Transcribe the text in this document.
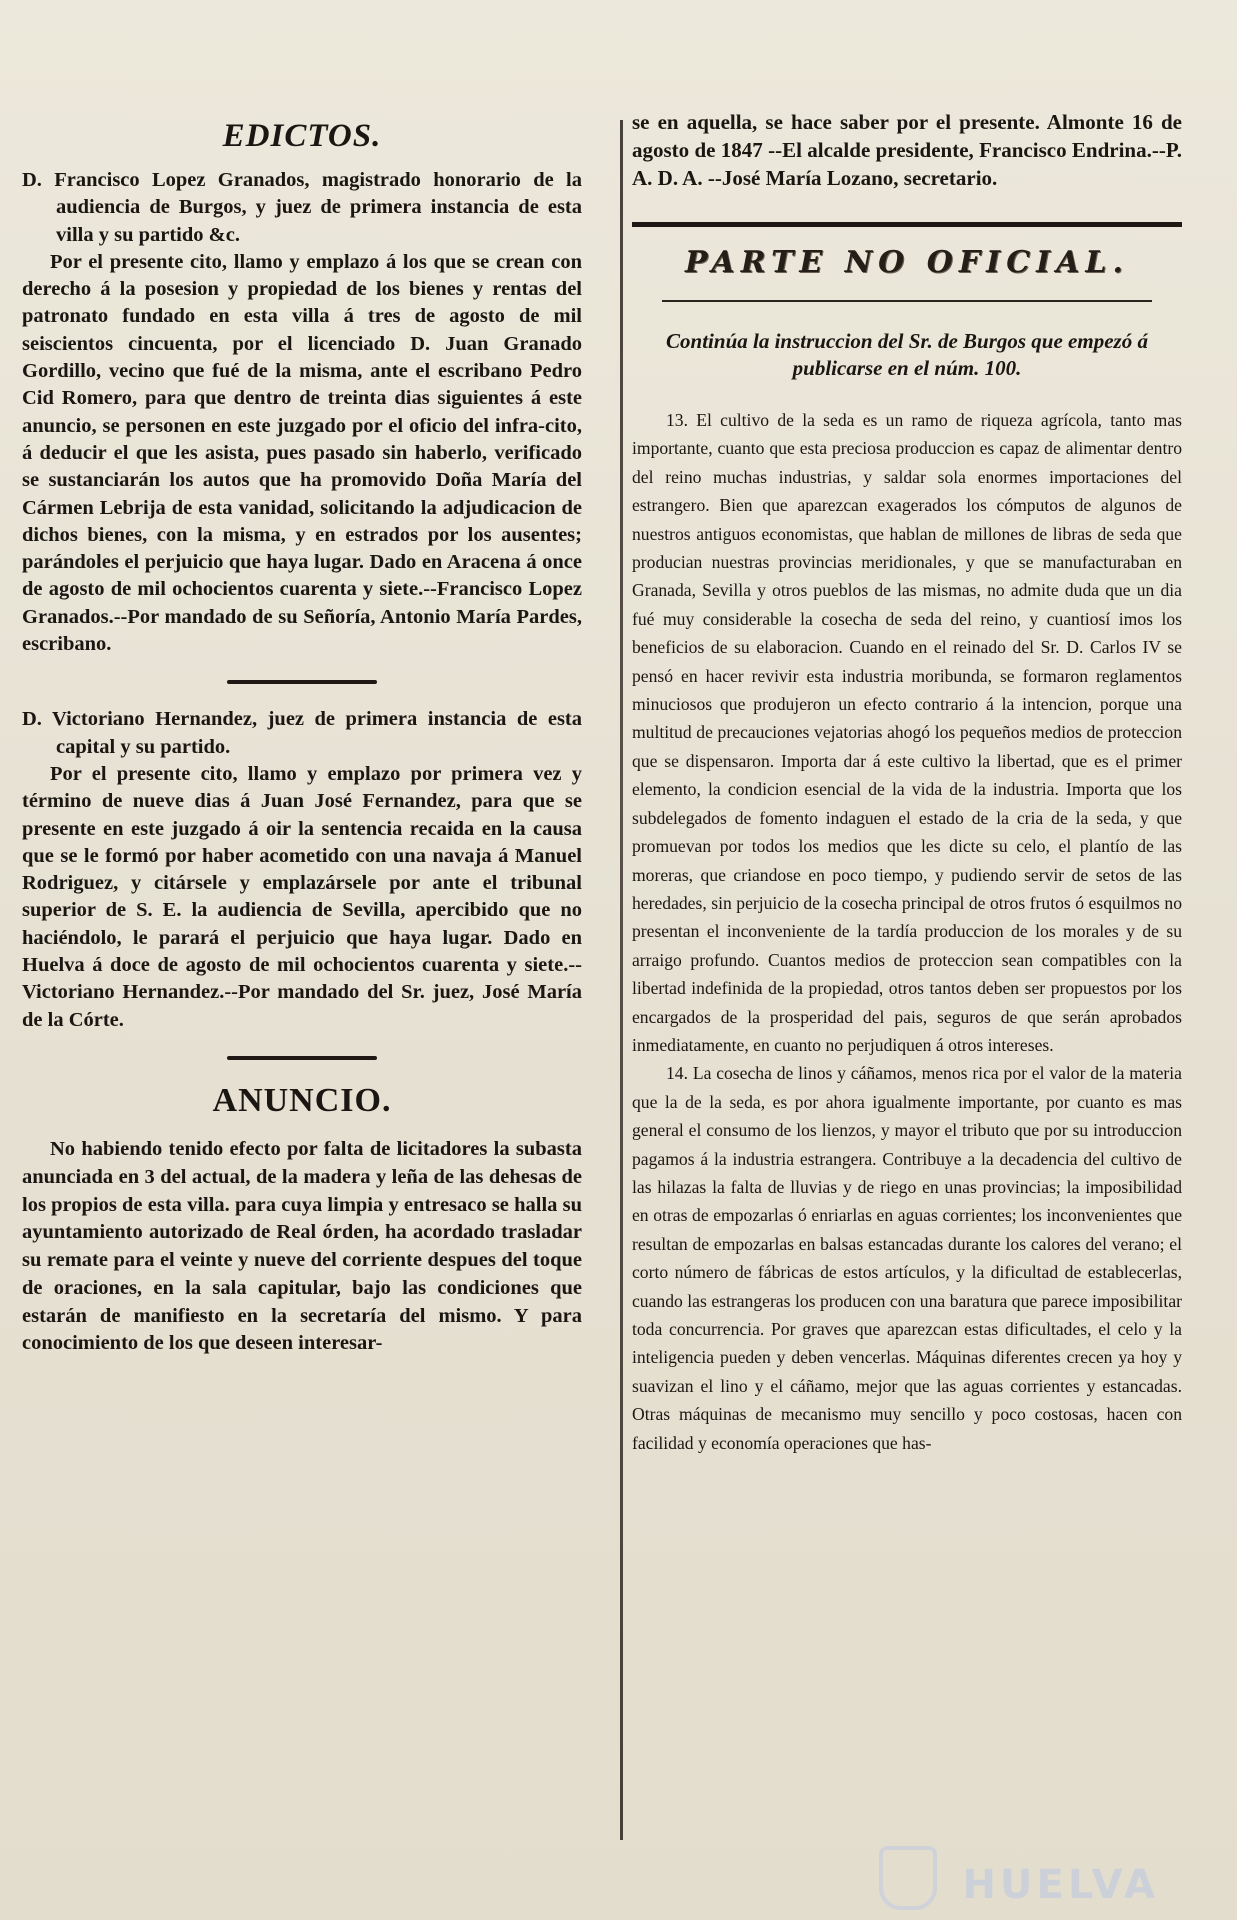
EDICTOS.

D. Francisco Lopez Granados, magistrado honorario de la audiencia de Burgos, y juez de primera instancia de esta villa y su partido &c.

Por el presente cito, llamo y emplazo á los que se crean con derecho á la posesion y propiedad de los bienes y rentas del patronato fundado en esta villa á tres de agosto de mil seiscientos cincuenta, por el licenciado D. Juan Granado Gordillo, vecino que fué de la misma, ante el escribano Pedro Cid Romero, para que dentro de treinta dias siguientes á este anuncio, se personen en este juzgado por el oficio del infra-cito, á deducir el que les asista, pues pasado sin haberlo, verificado se sustanciarán los autos que ha promovido Doña María del Cármen Lebrija de esta vanidad, solicitando la adjudicacion de dichos bienes, con la misma, y en estrados por los ausentes; parándoles el perjuicio que haya lugar. Dado en Aracena á once de agosto de mil ochocientos cuarenta y siete.--Francisco Lopez Granados.--Por mandado de su Señoría, Antonio María Pardes, escribano.

D. Victoriano Hernandez, juez de primera instancia de esta capital y su partido.

Por el presente cito, llamo y emplazo por primera vez y término de nueve dias á Juan José Fernandez, para que se presente en este juzgado á oir la sentencia recaida en la causa que se le formó por haber acometido con una navaja á Manuel Rodriguez, y citársele y emplazársele por ante el tribunal superior de S. E. la audiencia de Sevilla, apercibido que no haciéndolo, le parará el perjuicio que haya lugar. Dado en Huelva á doce de agosto de mil ochocientos cuarenta y siete.--Victoriano Hernandez.--Por mandado del Sr. juez, José María de la Córte.

ANUNCIO.

No habiendo tenido efecto por falta de licitadores la subasta anunciada en 3 del actual, de la madera y leña de las dehesas de los propios de esta villa. para cuya limpia y entresaco se halla su ayuntamiento autorizado de Real órden, ha acordado trasladar su remate para el veinte y nueve del corriente despues del toque de oraciones, en la sala capitular, bajo las condiciones que estarán de manifiesto en la secretaría del mismo. Y para conocimiento de los que deseen interesar-

se en aquella, se hace saber por el presente. Almonte 16 de agosto de 1847 --El alcalde presidente, Francisco Endrina.--P. A. D. A. --José María Lozano, secretario.

PARTE NO OFICIAL.
Continúa la instruccion del Sr. de Burgos que empezó á publicarse en el núm. 100.

13. El cultivo de la seda es un ramo de riqueza agrícola, tanto mas importante, cuanto que esta preciosa produccion es capaz de alimentar dentro del reino muchas industrias, y saldar sola enormes importaciones del estrangero. Bien que aparezcan exagerados los cómputos de algunos de nuestros antiguos economistas, que hablan de millones de libras de seda que producian nuestras provincias meridionales, y que se manufacturaban en Granada, Sevilla y otros pueblos de las mismas, no admite duda que un dia fué muy considerable la cosecha de seda del reino, y cuantiosí imos los beneficios de su elaboracion. Cuando en el reinado del Sr. D. Carlos IV se pensó en hacer revivir esta industria moribunda, se formaron reglamentos minuciosos que produjeron un efecto contrario á la intencion, porque una multitud de precauciones vejatorias ahogó los pequeños medios de proteccion que se dispensaron. Importa dar á este cultivo la libertad, que es el primer elemento, la condicion esencial de la vida de la industria. Importa que los subdelegados de fomento indaguen el estado de la cria de la seda, y que promuevan por todos los medios que les dicte su celo, el plantío de las moreras, que criandose en poco tiempo, y pudiendo servir de setos de las heredades, sin perjuicio de la cosecha principal de otros frutos ó esquilmos no presentan el inconveniente de la tardía produccion de los morales y de su arraigo profundo. Cuantos medios de proteccion sean compatibles con la libertad indefinida de la propiedad, otros tantos deben ser propuestos por los encargados de la prosperidad del pais, seguros de que serán aprobados inmediatamente, en cuanto no perjudiquen á otros intereses.

14. La cosecha de linos y cáñamos, menos rica por el valor de la materia que la de la seda, es por ahora igualmente importante, por cuanto es mas general el consumo de los lienzos, y mayor el tributo que por su introduccion pagamos á la industria estrangera. Contribuye a la decadencia del cultivo de las hilazas la falta de lluvias y de riego en unas provincias; la imposibilidad en otras de empozarlas ó enriarlas en aguas corrientes; los inconvenientes que resultan de empozarlas en balsas estancadas durante los calores del verano; el corto número de fábricas de estos artículos, y la dificultad de establecerlas, cuando las estrangeras los producen con una baratura que parece imposibilitar toda concurrencia. Por graves que aparezcan estas dificultades, el celo y la inteligencia pueden y deben vencerlas. Máquinas diferentes crecen ya hoy y suavizan el lino y el cáñamo, mejor que las aguas corrientes y estancadas. Otras máquinas de mecanismo muy sencillo y poco costosas, hacen con facilidad y economía operaciones que has-

HUELVA
